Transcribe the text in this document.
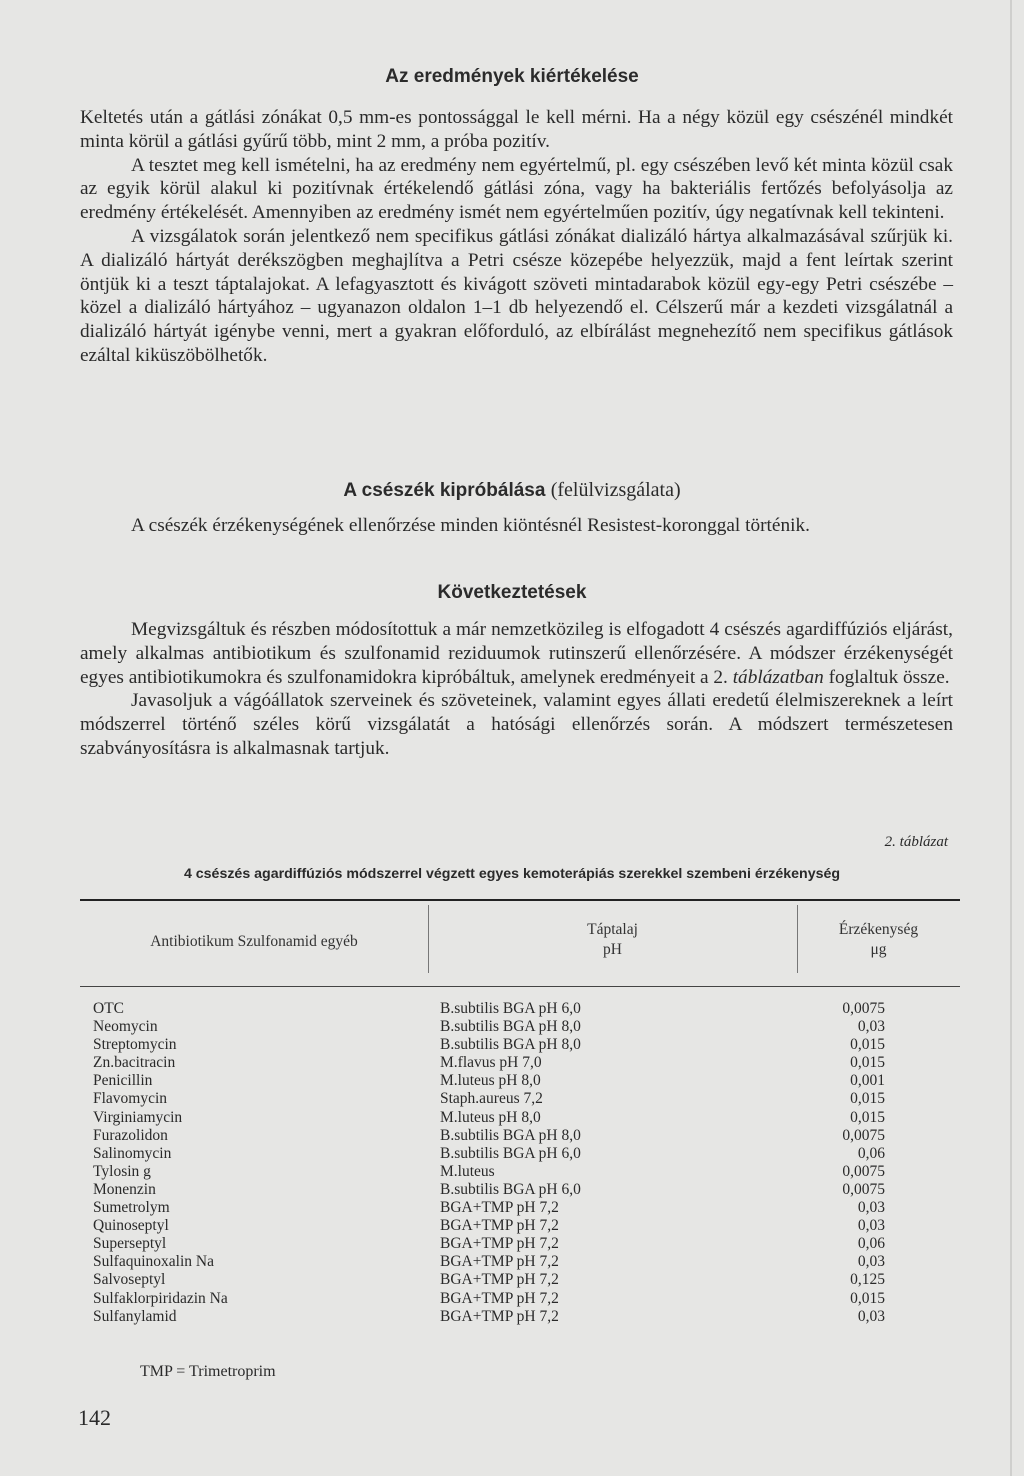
Az eredmények kiértékelése

Keltetés után a gátlási zónákat 0,5 mm-es pontossággal le kell mérni. Ha a négy közül egy csészénél mindkét minta körül a gátlási gyűrű több, mint 2 mm, a próba pozitív.

A tesztet meg kell ismételni, ha az eredmény nem egyértelmű, pl. egy csészében levő két minta közül csak az egyik körül alakul ki pozitívnak értékelendő gátlási zóna, vagy ha bakteriális fertőzés befolyásolja az eredmény értékelését. Amennyiben az eredmény ismét nem egyértelműen pozitív, úgy negatívnak kell tekinteni.

A vizsgálatok során jelentkező nem specifikus gátlási zónákat dializáló hártya alkalmazásával szűrjük ki. A dializáló hártyát derékszögben meghajlítva a Petri csésze közepébe helyezzük, majd a fent leírtak szerint öntjük ki a teszt táptalajokat. A lefagyasztott és kivágott szöveti mintadarabok közül egy-egy Petri csészébe – közel a dializáló hártyához – ugyanazon oldalon 1–1 db helyezendő el. Célszerű már a kezdeti vizsgálatnál a dializáló hártyát igénybe venni, mert a gyakran előforduló, az elbírálást megnehezítő nem specifikus gátlások ezáltal kiküszöbölhetők.

A csészék kipróbálása (felülvizsgálata)

A csészék érzékenységének ellenőrzése minden kiöntésnél Resistest-koronggal történik.

Következtetések

Megvizsgáltuk és részben módosítottuk a már nemzetközileg is elfogadott 4 csészés agardiffúziós eljárást, amely alkalmas antibiotikum és szulfonamid reziduumok rutinszerű ellenőrzésére. A módszer érzékenységét egyes antibiotikumokra és szulfonamidokra kipróbáltuk, amelynek eredményeit a 2. táblázatban foglaltuk össze.

Javasoljuk a vágóállatok szerveinek és szöveteinek, valamint egyes állati eredetű élelmiszereknek a leírt módszerrel történő széles körű vizsgálatát a hatósági ellenőrzés során. A módszert természetesen szabványosításra is alkalmasnak tartjuk.

2. táblázat

4 csészés agardiffúziós módszerrel végzett egyes kemoterápiás szerekkel szembeni érzékenység

Antibiotikum Szulfonamid egyéb

Táptalaj
pH

Érzékenység
μg

OTC	B.subtilis BGA pH 6,0	0,0075
Neomycin	B.subtilis BGA pH 8,0	0,03
Streptomycin	B.subtilis BGA pH 8,0	0,015
Zn.bacitracin	M.flavus pH 7,0	0,015
Penicillin	M.luteus pH 8,0	0,001
Flavomycin	Staph.aureus 7,2	0,015
Virginiamycin	M.luteus pH 8,0	0,015
Furazolidon	B.subtilis BGA pH 8,0	0,0075
Salinomycin	B.subtilis BGA pH 6,0	0,06
Tylosin g	M.luteus	0,0075
Monenzin	B.subtilis BGA pH 6,0	0,0075
Sumetrolym	BGA+TMP pH 7,2	0,03
Quinoseptyl	BGA+TMP pH 7,2	0,03
Superseptyl	BGA+TMP pH 7,2	0,06
Sulfaquinoxalin Na	BGA+TMP pH 7,2	0,03
Salvoseptyl	BGA+TMP pH 7,2	0,125
Sulfaklorpiridazin Na	BGA+TMP pH 7,2	0,015
Sulfanylamid	BGA+TMP pH 7,2	0,03

TMP = Trimetroprim

142
